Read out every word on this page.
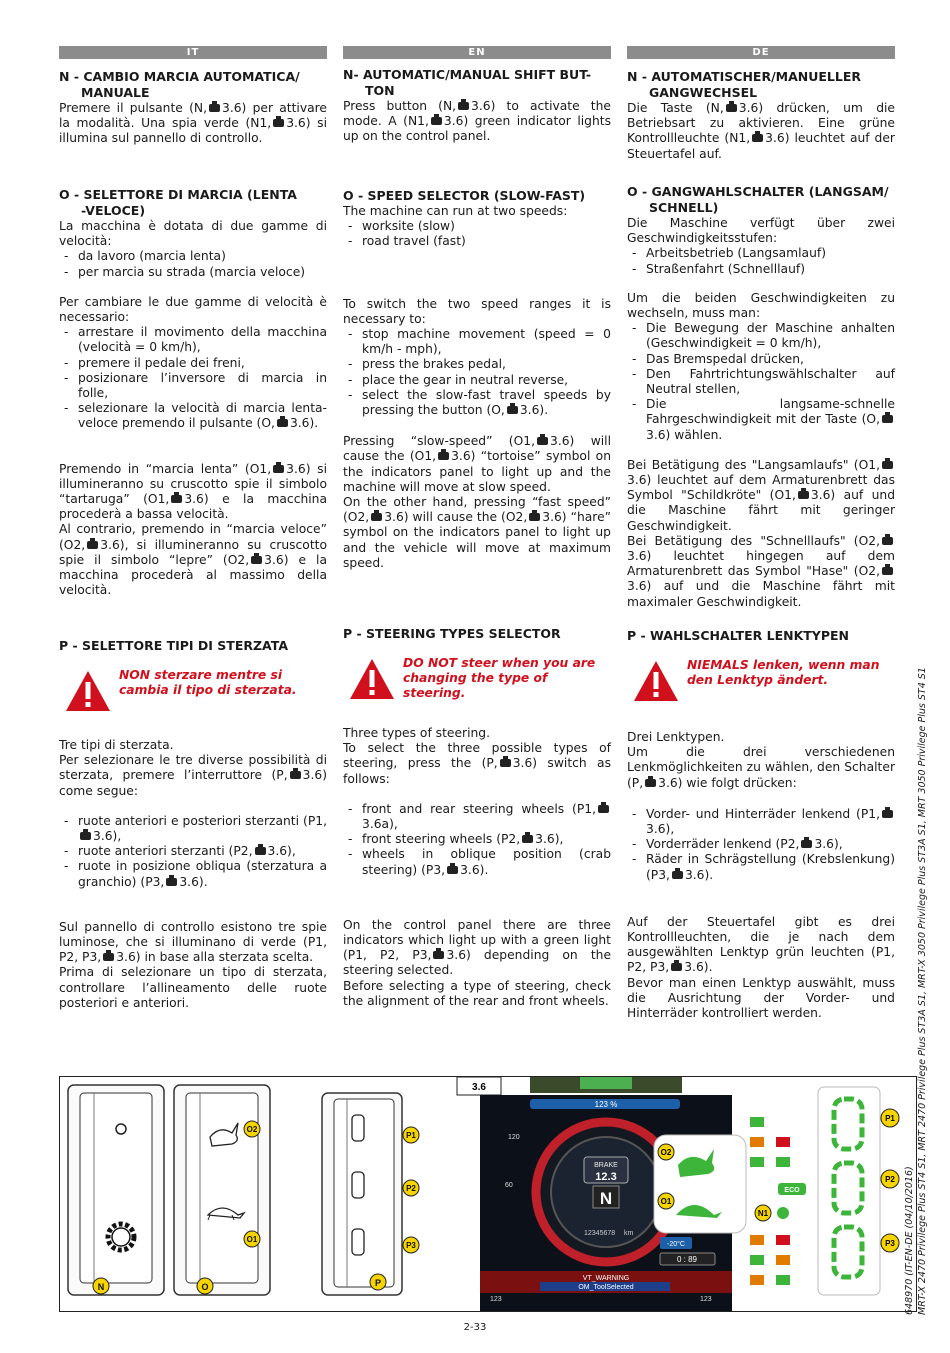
IT
N - CAMBIO MARCIA AUTOMATICA/
MANUALE

Premere il pulsante (N, 3.6) per attivare la modalità. Una spia verde (N1, 3.6) si illumina sul pannello di controllo.

O - SELETTORE DI MARCIA (LENTA
-VELOCE)

La macchina è dotata di due gamme di velocità:

- da lavoro (marcia lenta)
- per marcia su strada (marcia veloce)

Per cambiare le due gamme di velocità è necessario:

- arrestare il movimento della macchina (velocità = 0 km/h),
- premere il pedale dei freni,
- posizionare l’inversore di marcia in folle,
- selezionare la velocità di marcia lenta-veloce premendo il pulsante (O, 3.6).

Premendo in “marcia lenta” (O1, 3.6) si illumineranno su cruscotto spie il simbolo “tartaruga” (O1, 3.6) e la macchina procederà a bassa velocità.

Al contrario, premendo in “marcia veloce” (O2, 3.6), si illumineranno su cruscotto spie il simbolo “lepre” (O2, 3.6) e la macchina procederà al massimo della velocità.

P - SELETTORE TIPI DI STERZATA

NON sterzare mentre si cambia il tipo di sterzata.

Tre tipi di sterzata.

Per selezionare le tre diverse possibilità di sterzata, premere l’interruttore (P, 3.6) come segue:

- ruote anteriori e posteriori sterzanti (P1,3.6),
- ruote anteriori sterzanti (P2, 3.6),
- ruote in posizione obliqua (sterzatura a granchio) (P3, 3.6).

Sul pannello di controllo esistono tre spie luminose, che si illuminano di verde (P1, P2, P3, 3.6) in base alla sterzata scelta.

Prima di selezionare un tipo di sterzata, controllare l’allineamento delle ruote posteriori e anteriori.

EN
N- AUTOMATIC/MANUAL SHIFT BUT-
TON

Press button (N, 3.6) to activate the mode. A (N1, 3.6) green indicator lights up on the control panel.

O - SPEED SELECTOR (SLOW-FAST)

The machine can run at two speeds:

- worksite (slow)
- road travel (fast)

To switch the two speed ranges it is necessary to:

- stop machine movement (speed = 0 km/h - mph),
- press the brakes pedal,
- place the gear in neutral reverse,
- select the slow-fast travel speeds by pressing the button (O, 3.6).

Pressing “slow-speed” (O1, 3.6) will cause the (O1, 3.6) “tortoise” symbol on the indicators panel to light up and the machine will move at slow speed.

On the other hand, pressing “fast speed” (O2, 3.6) will cause the (O2, 3.6) “hare” symbol on the indicators panel to light up and the vehicle will move at maximum speed.

P - STEERING TYPES SELECTOR

DO NOT steer when you are changing the type of steering.

Three types of steering.

To select the three possible types of steering, press the (P, 3.6) switch as follows:

- front and rear steering wheels (P1,3.6a),
- front steering wheels (P2, 3.6),
- wheels in oblique position (crab steering) (P3, 3.6).

On the control panel there are three indicators which light up with a green light (P1, P2, P3, 3.6) depending on the steering selected.

Before selecting a type of steering, check the alignment of the rear and front wheels.

DE
N - AUTOMATISCHER/MANUELLER
GANGWECHSEL

Die Taste (N, 3.6) drücken, um die Betriebsart zu aktivieren. Eine grüne Kontrollleuchte (N1, 3.6) leuchtet auf der Steuertafel auf.

O - GANGWAHLSCHALTER (LANGSAM/
SCHNELL)

Die Maschine verfügt über zwei Geschwindigkeitsstufen:

- Arbeitsbetrieb (Langsamlauf)
- Straßenfahrt (Schnelllauf)

Um die beiden Geschwindigkeiten zu wechseln, muss man:

- Die Bewegung der Maschine anhalten (Geschwindigkeit = 0 km/h),
- Das Bremspedal drücken,
- Den Fahrtrichtungswählschalter auf Neutral stellen,
- Die langsame-schnelle Fahrgeschwindigkeit mit der Taste (O,3.6) wählen.

Bei Betätigung des "Langsamlaufs" (O1,3.6) leuchtet auf dem Armaturenbrett das Symbol "Schildkröte" (O1, 3.6) auf und die Maschine fährt mit geringer Geschwindigkeit.

Bei Betätigung des "Schnelllaufs" (O2,3.6) leuchtet hingegen auf dem Armaturenbrett das Symbol "Hase" (O2,3.6) auf und die Maschine fährt mit maximaler Geschwindigkeit.

P - WAHLSCHALTER LENKTYPEN

NIEMALS lenken, wenn man den Lenktyp ändert.

Drei Lenktypen.

Um die drei verschiedenen Lenkmöglichkeiten zu wählen, den Schalter (P, 3.6) wie folgt drücken:

- Vorder- und Hinterräder lenkend (P1,3.6),
- Vorderräder lenkend (P2, 3.6),
- Räder in Schrägstellung (Krebslenkung) (P3, 3.6).

Auf der Steuertafel gibt es drei Kontrollleuchten, die je nach dem ausgewählten Lenktyp grün leuchten (P1, P2, P3, 3.6).

Bevor man einen Lenktyp auswählt, muss die Ausrichtung der Vorder- und Hinterräder kontrolliert werden.

N	O	P
O2
O1
P1
P2
P3
3.6
123 %
120
60
BRAKE
12.3
N
12345678 km
-20°C
0 : 89
VT_WARNING
OM_ToolSelected
123	123
O2
O1
N1
ECO
P1
P2
P3
2-33
648970 (IT-EN-DE (04/10/2016) MRT-X 2470 Privilege Plus ST4 S1, MRT 2470 Privilege Plus ST3A S1, MRT-X 3050 Privilege Plus ST3A S1, MRT 3050 Privilege Plus ST4 S1
